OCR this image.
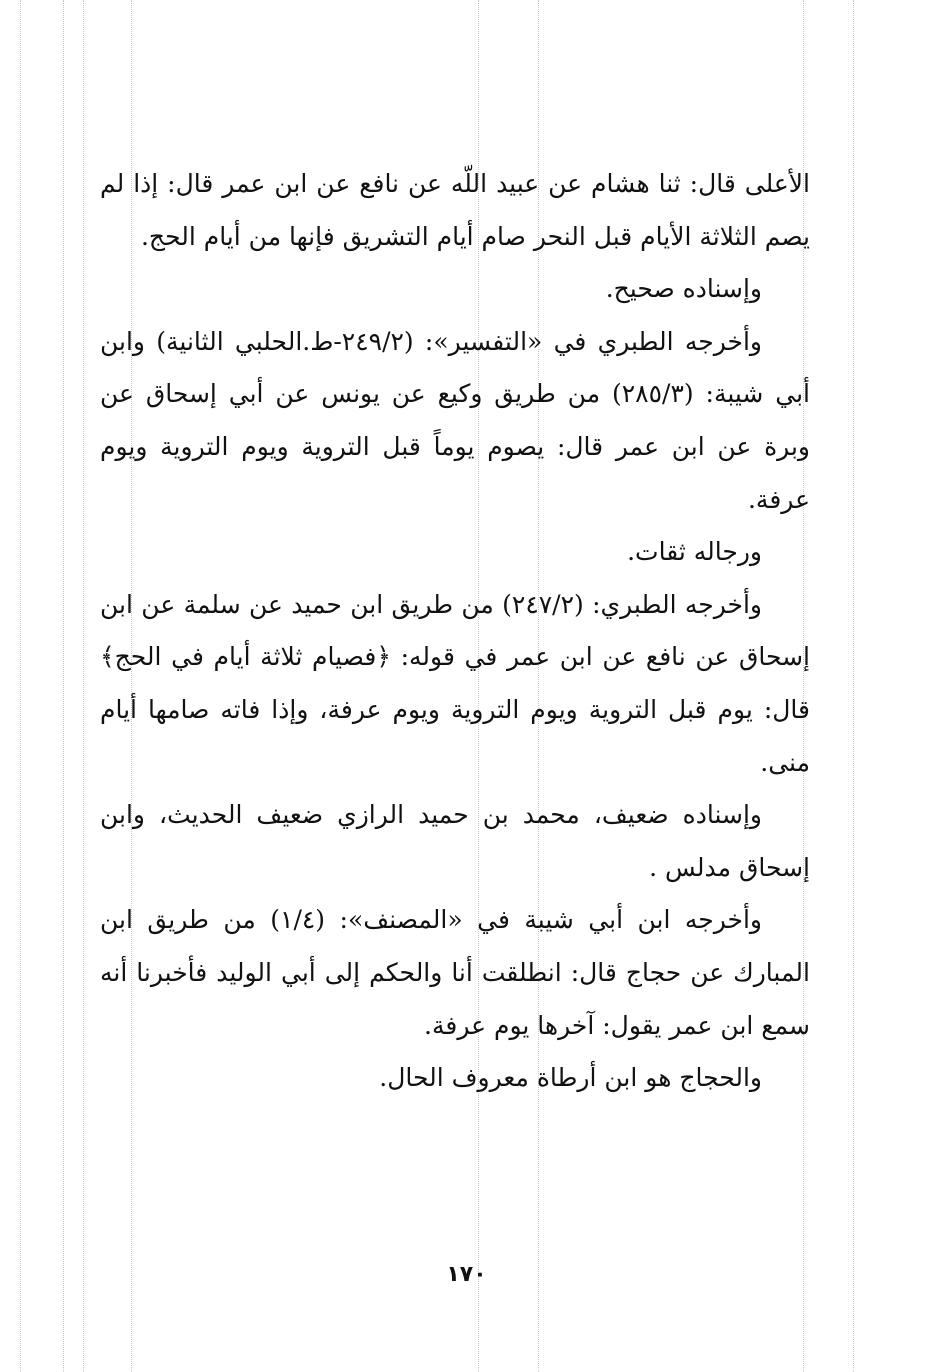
الأعلى قال: ثنا هشام عن عبيد اللّه عن نافع عن ابن عمر قال: إذا لم يصم الثلاثة الأيام قبل النحر صام أيام التشريق فإنها من أيام الحج.

وإسناده صحيح.

وأخرجه الطبري في «التفسير»: (٢٤٩/٢-ط.الحلبي الثانية) وابن أبي شيبة: (٢٨٥/٣) من طريق وكيع عن يونس عن أبي إسحاق عن وبرة عن ابن عمر قال: يصوم يوماً قبل التروية ويوم التروية ويوم عرفة.

ورجاله ثقات.

وأخرجه الطبري: (٢٤٧/٢) من طريق ابن حميد عن سلمة عن ابن إسحاق عن نافع عن ابن عمر في قوله: ﴿فصيام ثلاثة أيام في الحج﴾ قال: يوم قبل التروية ويوم التروية ويوم عرفة، وإذا فاته صامها أيام منى.

وإسناده ضعيف، محمد بن حميد الرازي ضعيف الحديث، وابن إسحاق مدلس .

وأخرجه ابن أبي شيبة في «المصنف»: (١/٤) من طريق ابن المبارك عن حجاج قال: انطلقت أنا والحكم إلى أبي الوليد فأخبرنا أنه سمع ابن عمر يقول: آخرها يوم عرفة.

والحجاج هو ابن أرطاة معروف الحال.

١٧٠
